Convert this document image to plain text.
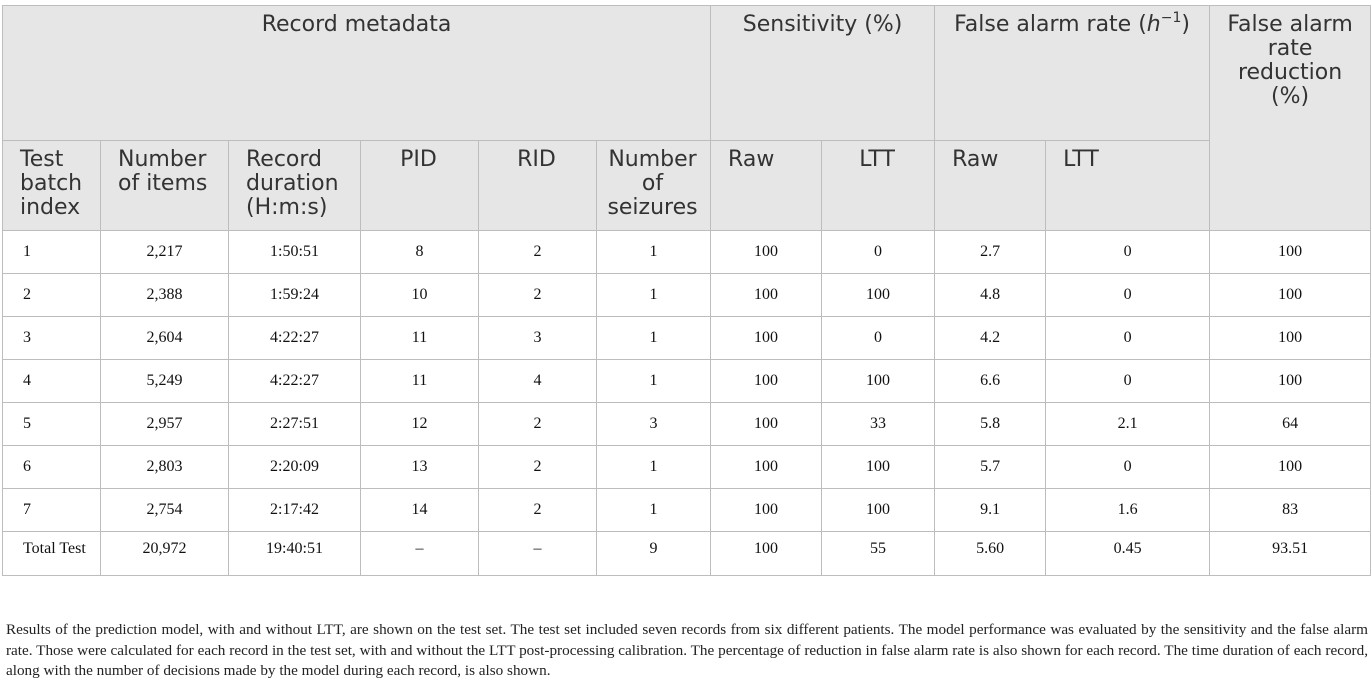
Record metadata						Sensitivity (%)		False alarm rate $(h^{-1})$		False alarm rate reduction (%)
Test batch index	Number of items	Record duration (H:m:s)	PID	RID	Number of seizures	Raw	LTT	Raw	LTT	
1	2,217	1:50:51	8	2	1	100	0	2.7	0	100
2	2,388	1:59:24	10	2	1	100	100	4.8	0	100
3	2,604	4:22:27	11	3	1	100	0	4.2	0	100
4	5,249	4:22:27	11	4	1	100	100	6.6	0	100
5	2,957	2:27:51	12	2	3	100	33	5.8	2.1	64
6	2,803	2:20:09	13	2	1	100	100	5.7	0	100
7	2,754	2:17:42	14	2	1	100	100	9.1	1.6	83
Total Test	20,972	19:40:51	–	–	9	100	55	5.60	0.45	93.51

Results of the prediction model, with and without LTT, are shown on the test set. The test set included seven records from six different patients. The model performance was evaluated by the sensitivity and the false alarm rate. Those were calculated for each record in the test set, with and without the LTT post-processing calibration. The percentage of reduction in false alarm rate is also shown for each record. The time duration of each record, along with the number of decisions made by the model during each record, is also shown.
